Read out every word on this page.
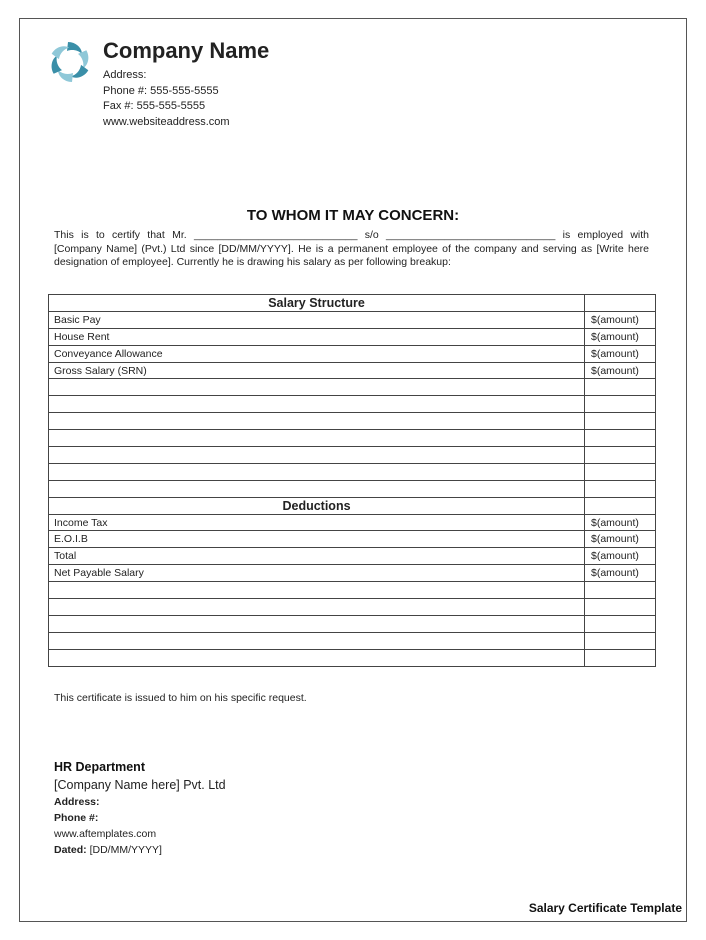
Company Name
Address:
Phone #: 555-555-5555
Fax #: 555-555-5555
www.websiteaddress.com
TO WHOM IT MAY CONCERN:
This is to certify that Mr. ____________________________ s/o _____________________________ is employed with [Company Name] (Pvt.) Ltd since [DD/MM/YYYY]. He is a permanent employee of the company and serving as [Write here designation of employee]. Currently he is drawing his salary as per following breakup:
Salary Structure	
Basic Pay	$(amount)
House Rent	$(amount)
Conveyance Allowance	$(amount)
Gross Salary (SRN)	$(amount)

Deductions	
Income Tax	$(amount)
E.O.I.B	$(amount)
Total	$(amount)
Net Payable Salary	$(amount)

This certificate is issued to him on his specific request.
HR Department
[Company Name here] Pvt. Ltd
Address:
Phone #:
www.aftemplates.com
Dated: [DD/MM/YYYY]
Salary Certificate Template
